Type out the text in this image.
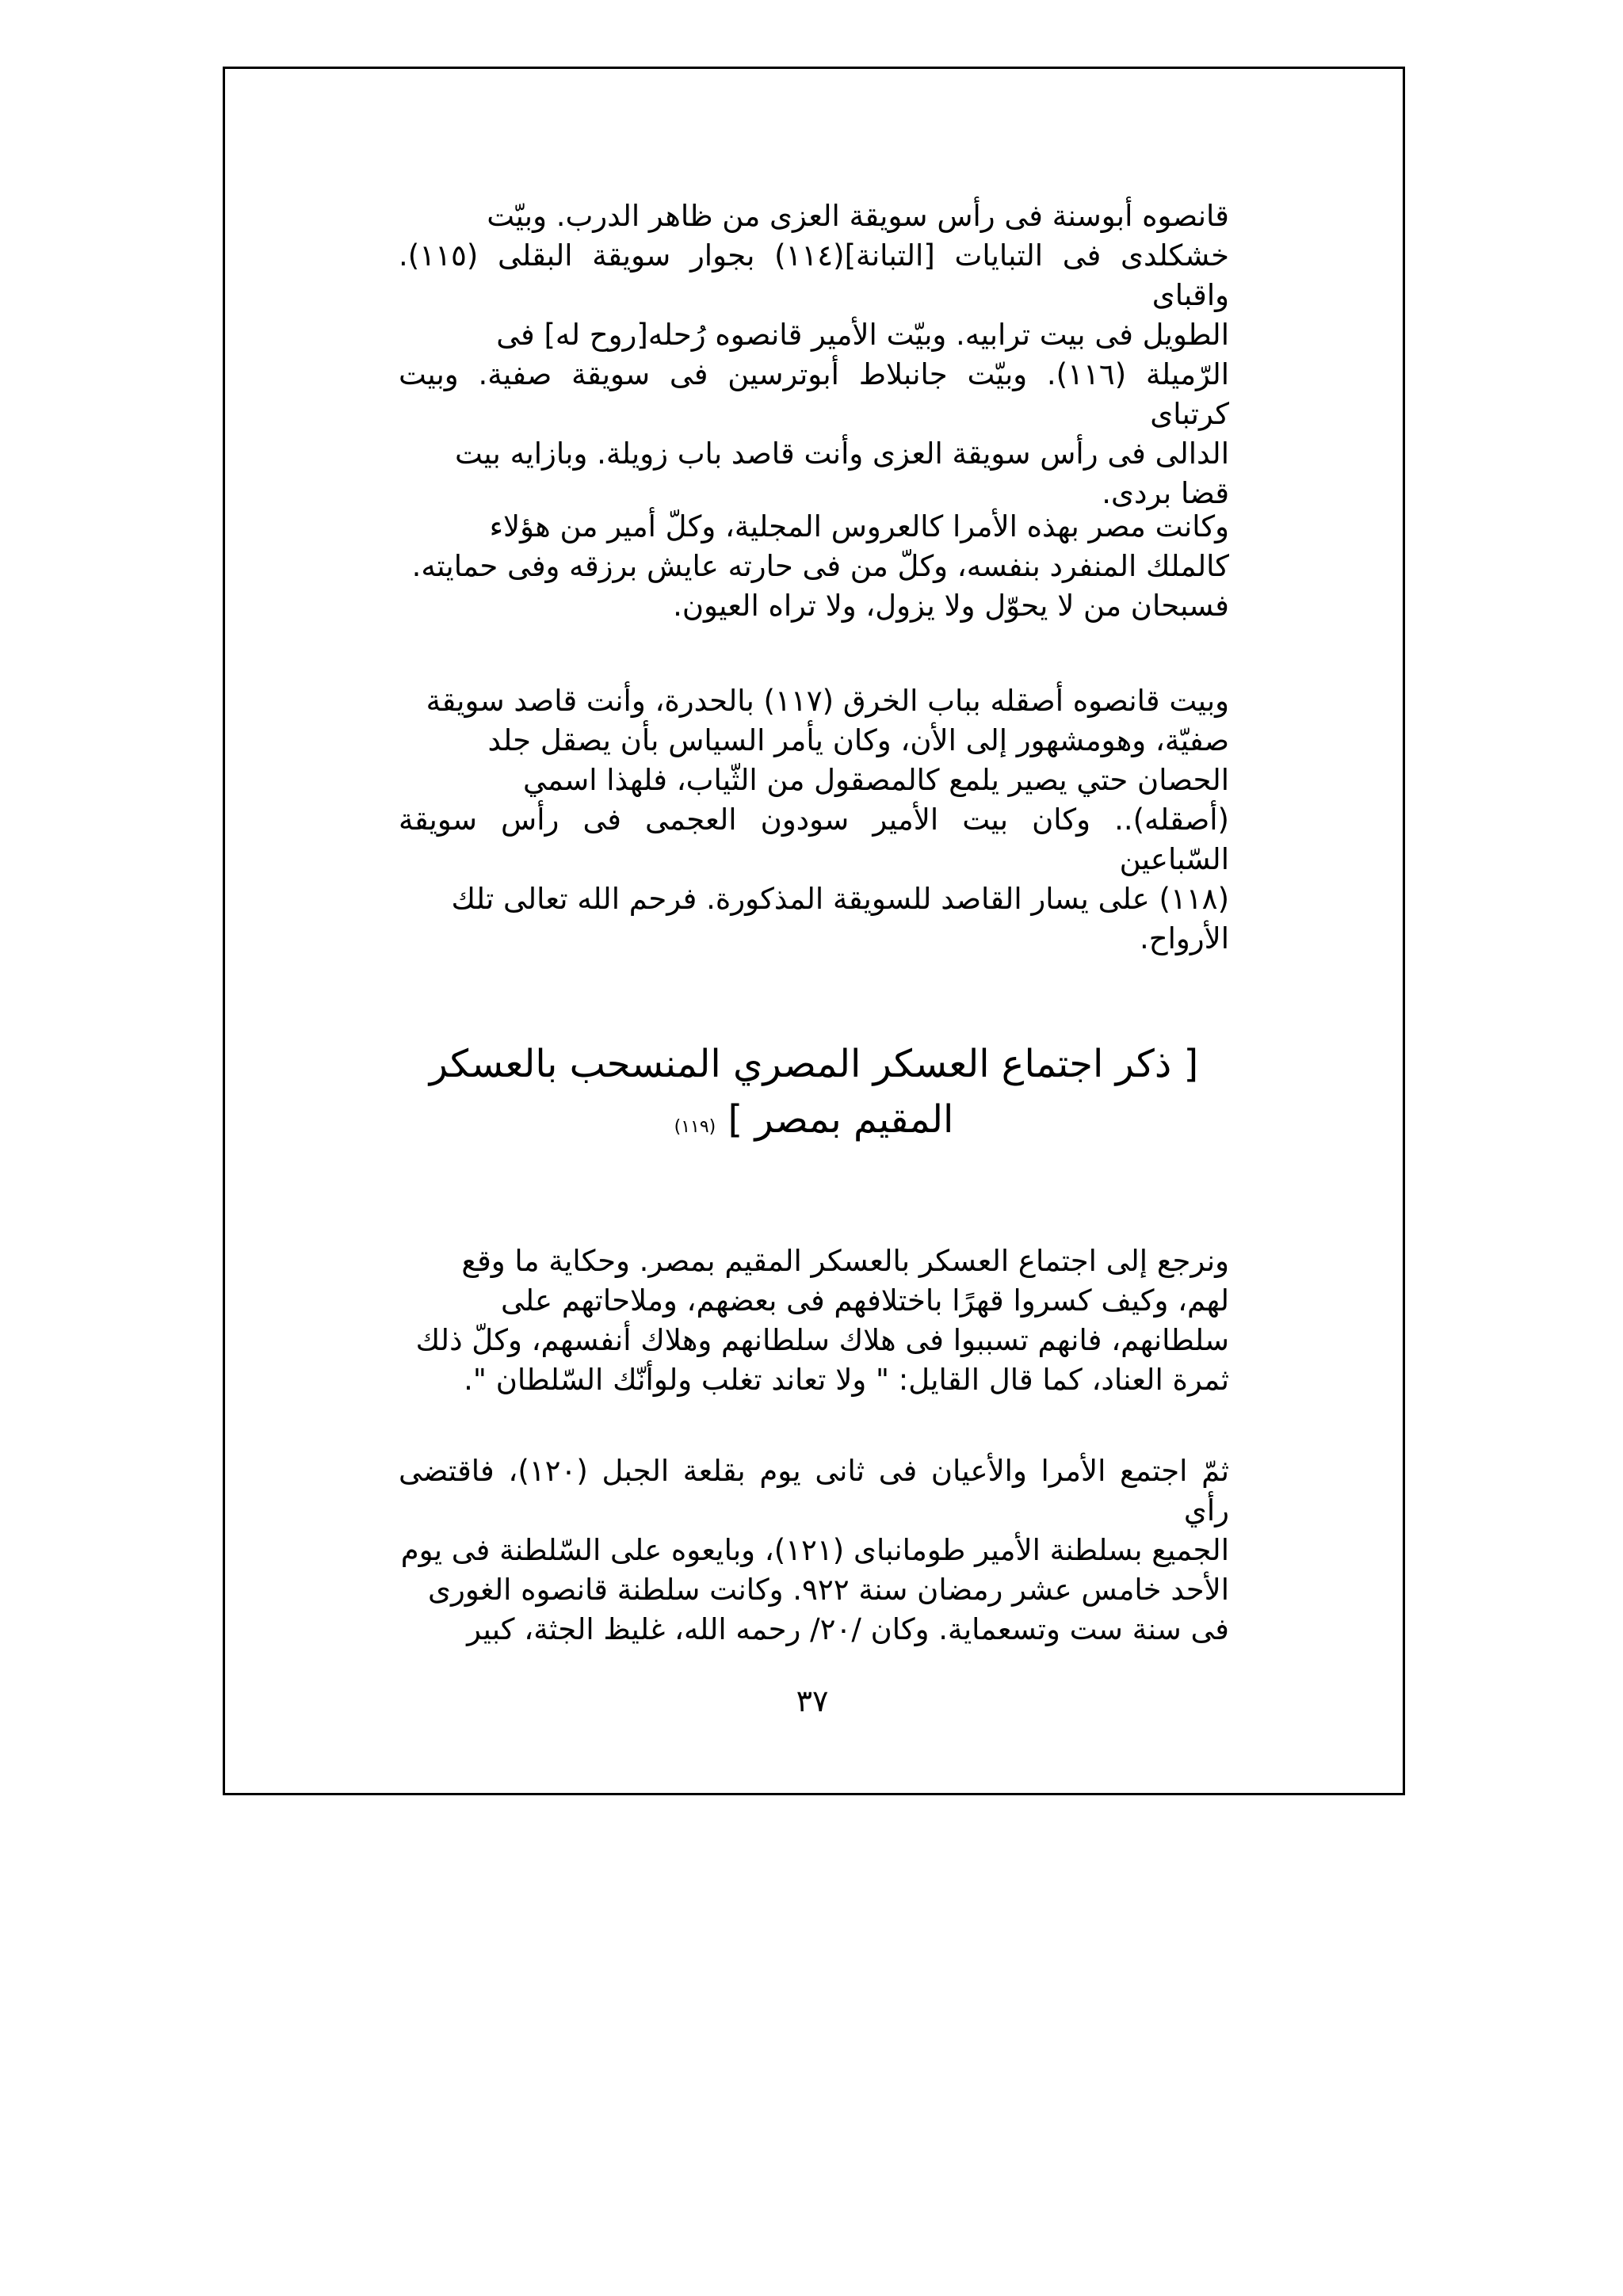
قانصوه أبوسنة فى رأس سويقة العزى من ظاهر الدرب. وبيّت
خشكلدى فى التبايات [التبانة](١١٤) بجوار سويقة البقلى (١١٥). واقباى
الطويل فى بيت ترابيه. وبيّت الأمير قانصوه رُحله[روح له] فى
الرّميلة (١١٦). وبيّت جانبلاط أبوترسين فى سويقة صفية. وبيت كرتباى
الدالى فى رأس سويقة العزى وأنت قاصد باب زويلة. وبازايه بيت
قضا بردى.
وكانت مصر بهذه الأمرا كالعروس المجلية، وكلّ أمير من هؤلاء
كالملك المنفرد بنفسه، وكلّ من فى حارته عايش برزقه وفى حمايته.
فسبحان من لا يحوّل ولا يزول، ولا تراه العيون.
وبيت قانصوه أصقله بباب الخرق (١١٧) بالحدرة، وأنت قاصد سويقة
صفيّة، وهومشهور إلى الأن، وكان يأمر السياس بأن يصقل جلد
الحصان حتي يصير يلمع كالمصقول من الثّياب، فلهذا اسمي
(أصقله).. وكان بيت الأمير سودون العجمى فى رأس سويقة السّباعين
(١١٨) على يسار القاصد للسويقة المذكورة. فرحم الله تعالى تلك
الأرواح.
[ ذكر اجتماع العسكر المصري المنسحب بالعسكر
المقيم بمصر ] (١١٩)
ونرجع إلى اجتماع العسكر بالعسكر المقيم بمصر. وحكاية ما وقع
لهم، وكيف كسروا قهرًا باختلافهم فى بعضهم، وملاحاتهم على
سلطانهم، فانهم تسببوا فى هلاك سلطانهم وهلاك أنفسهم، وكلّ ذلك
ثمرة العناد، كما قال القايل: " ولا تعاند تغلب ولوأنّك السّلطان ".
ثمّ اجتمع الأمرا والأعيان فى ثانى يوم بقلعة الجبل (١٢٠)، فاقتضى رأي
الجميع بسلطنة الأمير طومانباى (١٢١)، وبايعوه على السّلطنة فى يوم
الأحد خامس عشر رمضان سنة ٩٢٢. وكانت سلطنة قانصوه الغورى
فى سنة ست وتسعماية. وكان /٢٠/ رحمه الله، غليظ الجثة، كبير
٣٧
